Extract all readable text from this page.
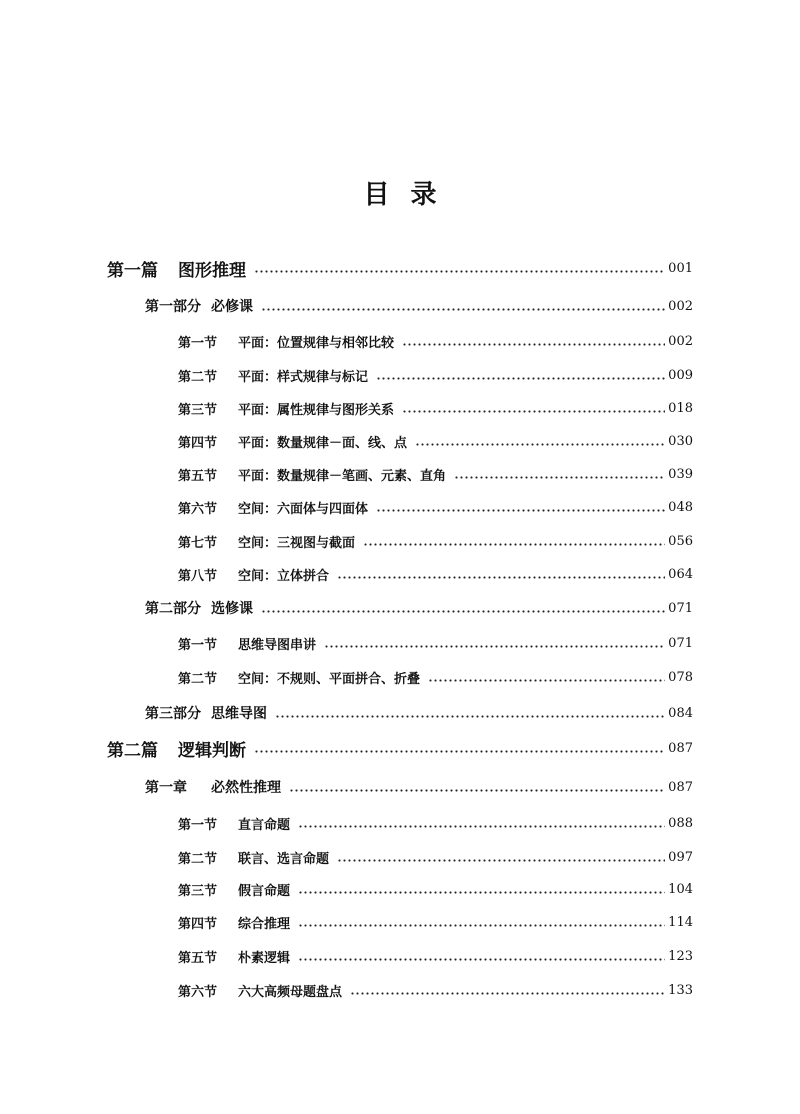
目 录
第一篇	图形推理	001
第一部分 必修课	002
第一节	平面：位置规律与相邻比较	002
第二节	平面：样式规律与标记	009
第三节	平面：属性规律与图形关系	018
第四节	平面：数量规律－面、线、点	030
第五节	平面：数量规律－笔画、元素、直角	039
第六节	空间：六面体与四面体	048
第七节	空间：三视图与截面	056
第八节	空间：立体拼合	064
第二部分 选修课	071
第一节	思维导图串讲	071
第二节	空间：不规则、平面拼合、折叠	078
第三部分 思维导图	084
第二篇	逻辑判断	087
第一章	必然性推理	087
第一节	直言命题	088
第二节	联言、选言命题	097
第三节	假言命题	104
第四节	综合推理	114
第五节	朴素逻辑	123
第六节	六大高频母题盘点	133
